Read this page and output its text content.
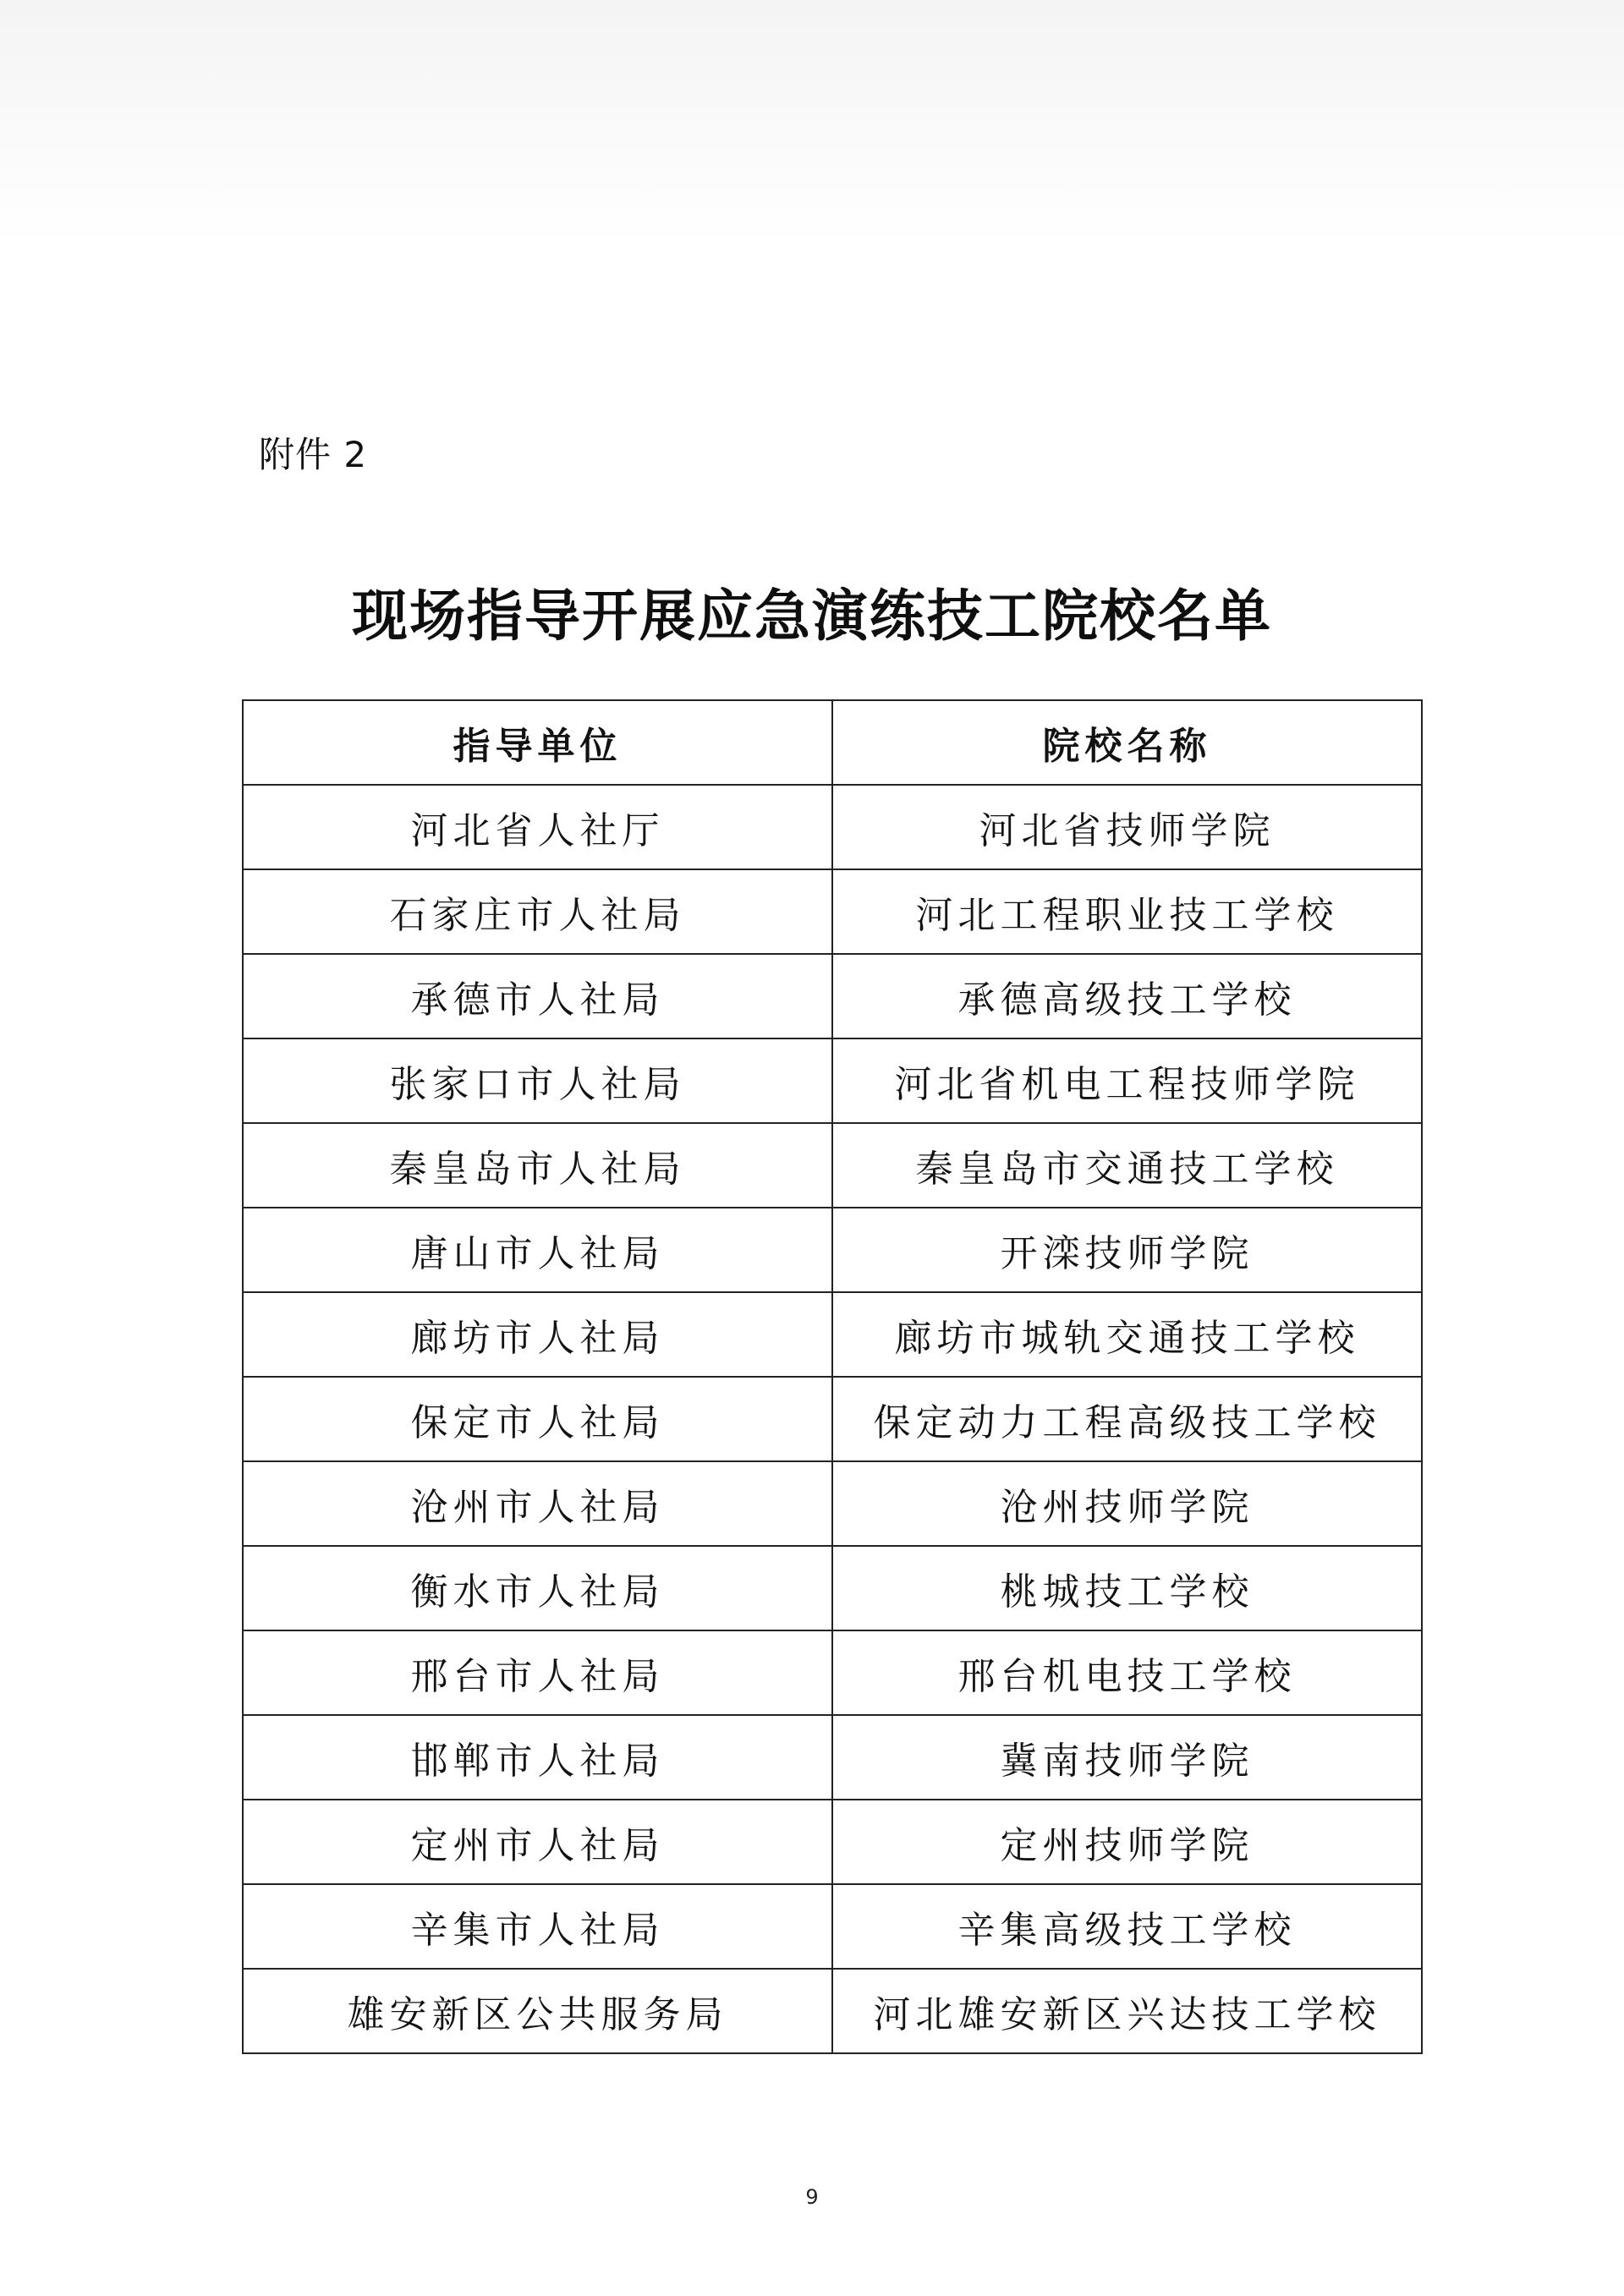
附件 2
现场指导开展应急演练技工院校名单
指导单位	院校名称
河北省人社厅	河北省技师学院
石家庄市人社局	河北工程职业技工学校
承德市人社局	承德高级技工学校
张家口市人社局	河北省机电工程技师学院
秦皇岛市人社局	秦皇岛市交通技工学校
唐山市人社局	开滦技师学院
廊坊市人社局	廊坊市城轨交通技工学校
保定市人社局	保定动力工程高级技工学校
沧州市人社局	沧州技师学院
衡水市人社局	桃城技工学校
邢台市人社局	邢台机电技工学校
邯郸市人社局	冀南技师学院
定州市人社局	定州技师学院
辛集市人社局	辛集高级技工学校
雄安新区公共服务局	河北雄安新区兴达技工学校
9
